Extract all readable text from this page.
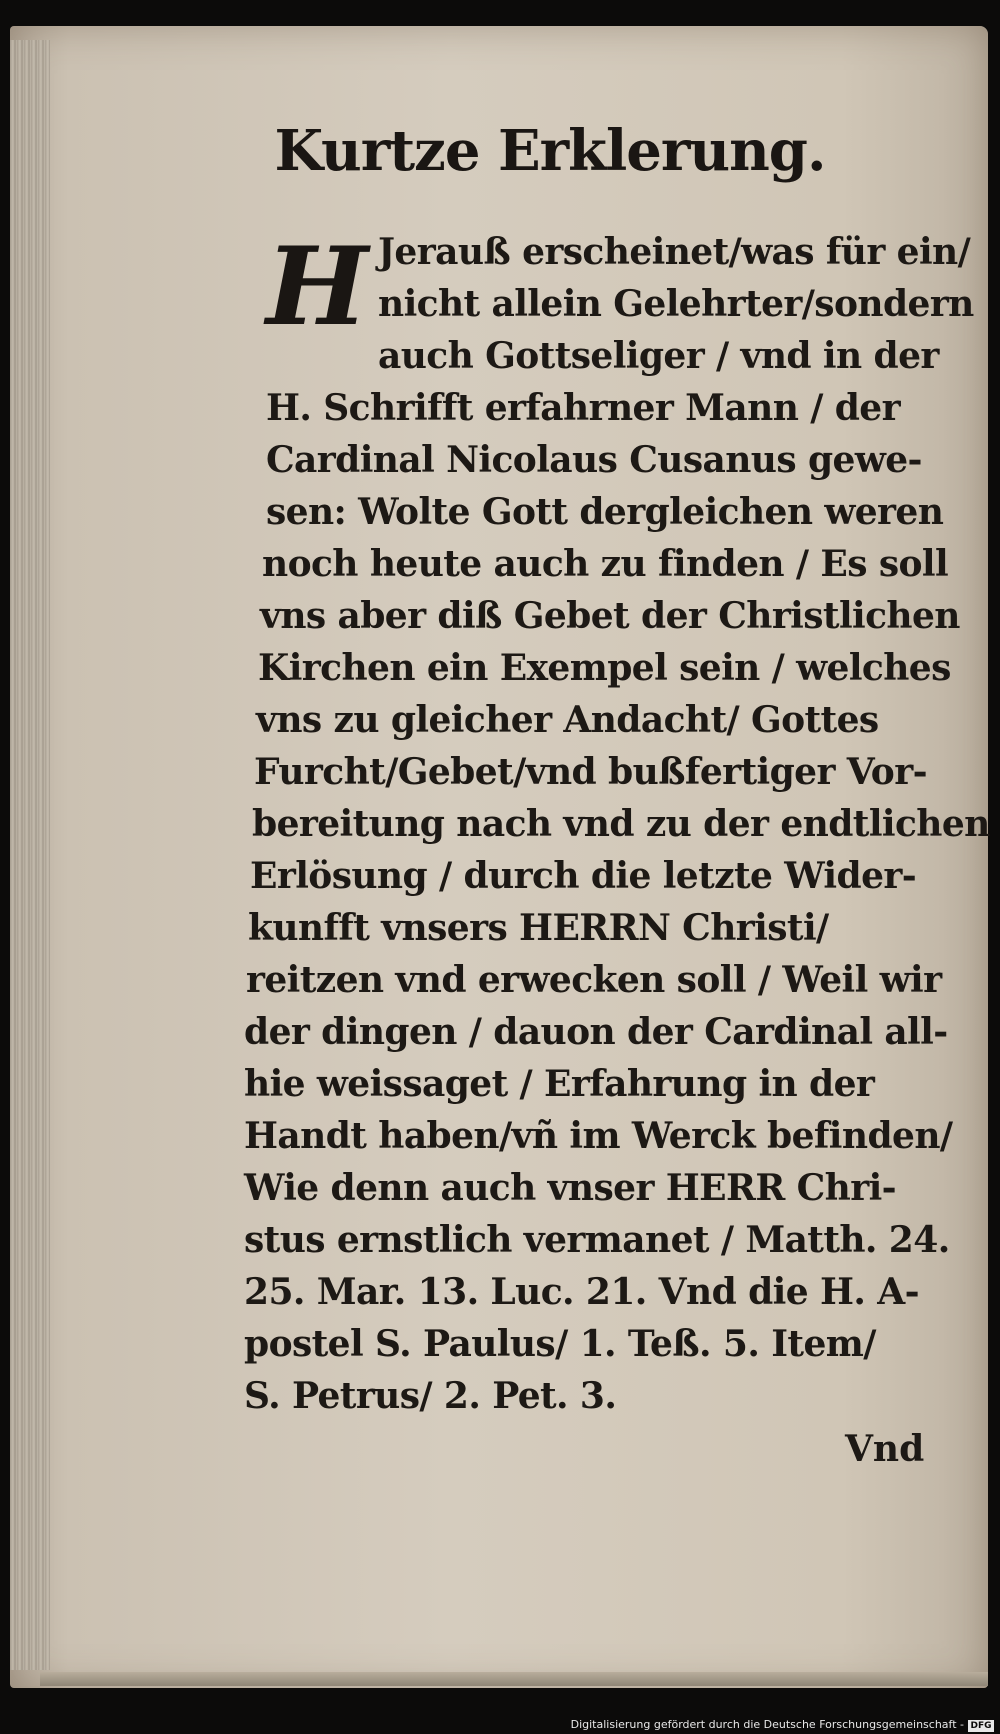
Kurtze Erklerung.
H Jerauß erscheinet/was für ein/

nicht allein Gelehrter/sondern

auch Gottseliger / vnd in der

H. Schrifft erfahrner Mann / der

Cardinal Nicolaus Cusanus gewe-

sen: Wolte Gott dergleichen weren

noch heute auch zu finden / Es soll

vns aber diß Gebet der Christlichen

Kirchen ein Exempel sein / welches

vns zu gleicher Andacht/ Gottes

Furcht/Gebet/vnd bußfertiger Vor-

bereitung nach vnd zu der endtlichen

Erlösung / durch die letzte Wider-

kunfft vnsers HERRN Christi/

reitzen vnd erwecken soll / Weil wir

der dingen / dauon der Cardinal all-

hie weissaget / Erfahrung in der

Handt haben/vñ im Werck befinden/

Wie denn auch vnser HERR Chri-

stus ernstlich vermanet / Matth. 24.

25. Mar. 13. Luc. 21. Vnd die H. A-

postel S. Paulus/ 1. Teß. 5. Item/

S. Petrus/ 2. Pet. 3.

Vnd
Digitalisierung gefördert durch die Deutsche Forschungsgemeinschaft - DFG
